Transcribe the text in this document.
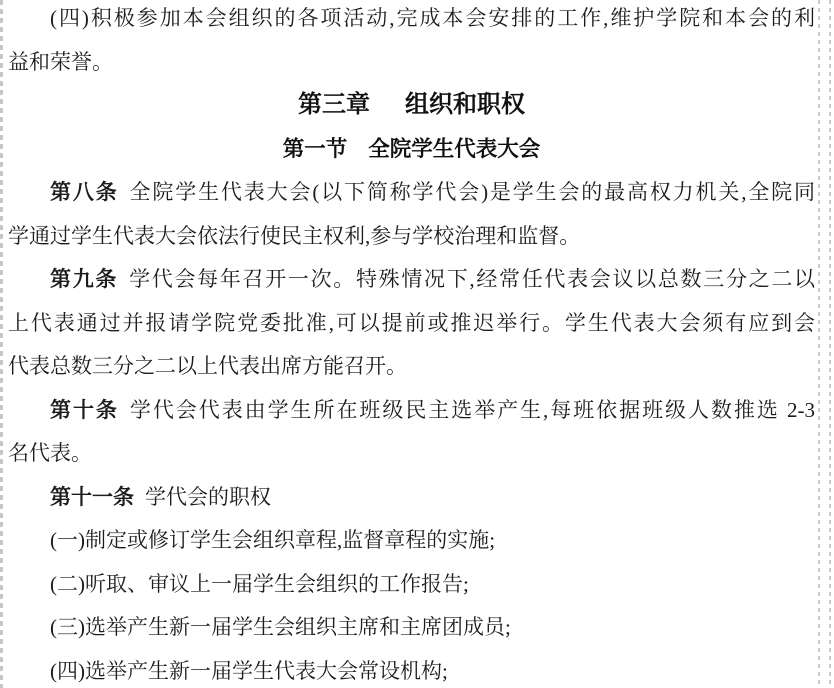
(四)积极参加本会组织的各项活动,完成本会安排的工作,维护学院和本会的利
益和荣誉。
第三章 组织和职权
第一节 全院学生代表大会
第八条 全院学生代表大会(以下简称学代会)是学生会的最高权力机关,全院同
学通过学生代表大会依法行使民主权利,参与学校治理和监督。
第九条 学代会每年召开一次。特殊情况下,经常任代表会议以总数三分之二以
上代表通过并报请学院党委批准,可以提前或推迟举行。学生代表大会须有应到会
代表总数三分之二以上代表出席方能召开。
第十条 学代会代表由学生所在班级民主选举产生,每班依据班级人数推选 2-3
名代表。
第十一条 学代会的职权
(一)制定或修订学生会组织章程,监督章程的实施;
(二)听取、审议上一届学生会组织的工作报告;
(三)选举产生新一届学生会组织主席和主席团成员;
(四)选举产生新一届学生代表大会常设机构;
